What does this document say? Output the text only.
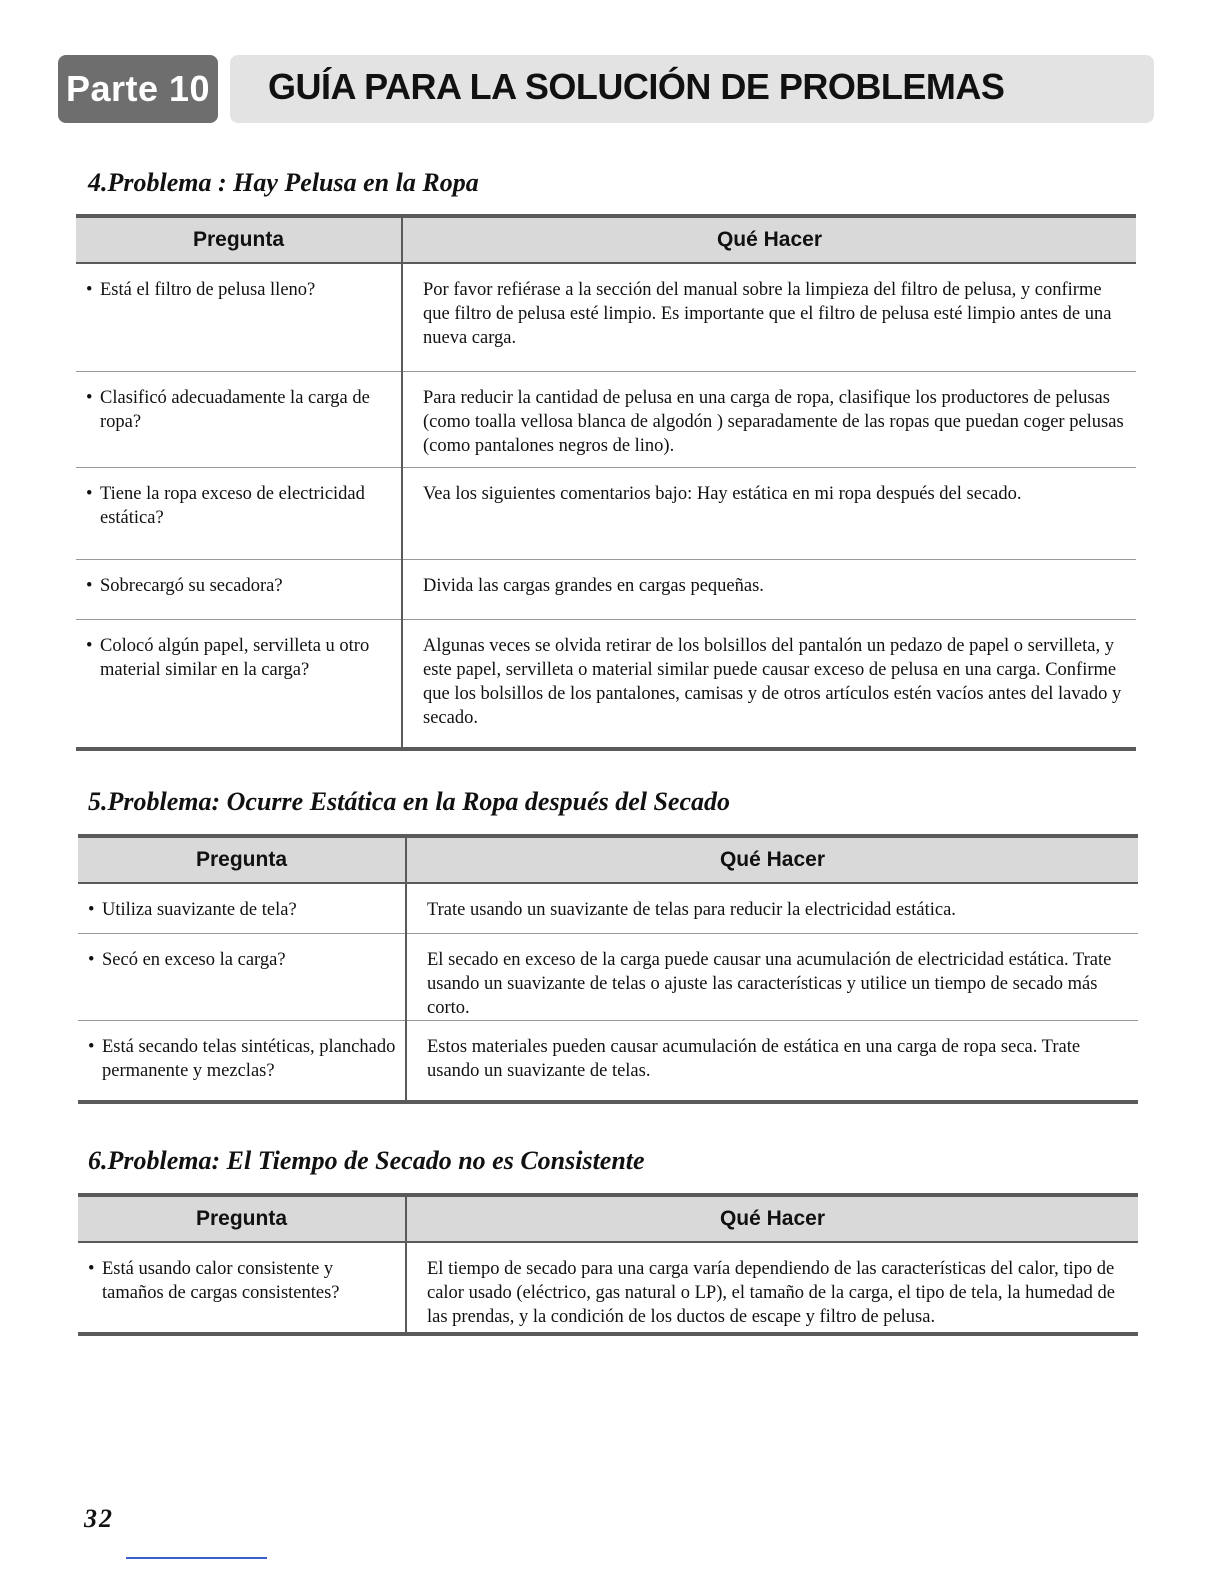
Parte 10 GUÍA PARA LA SOLUCIÓN DE PROBLEMAS
4.Problema : Hay Pelusa en la Ropa
Pregunta	Qué Hacer

• Está el filtro de pelusa lleno?	Por favor refiérase a la sección del manual sobre la limpieza del filtro de pelusa, y confirme que filtro de pelusa esté limpio. Es importante que el filtro de pelusa esté limpio antes de una nueva carga.

• Clasificó adecuadamente la carga de ropa?	Para reducir la cantidad de pelusa en una carga de ropa, clasifique los productores de pelusas (como toalla vellosa blanca de algodón ) separadamente de las ropas que puedan coger pelusas (como pantalones negros de lino).

• Tiene la ropa exceso de electricidad estática?	Vea los siguientes comentarios bajo: Hay estática en mi ropa después del secado.

• Sobrecargó su secadora?	Divida las cargas grandes en cargas pequeñas.

• Colocó algún papel, servilleta u otro material similar en la carga?	Algunas veces se olvida retirar de los bolsillos del pantalón un pedazo de papel o servilleta, y este papel, servilleta o material similar puede causar exceso de pelusa en una carga. Confirme que los bolsillos de los pantalones, camisas y de otros artículos estén vacíos antes del lavado y secado.
5.Problema: Ocurre Estática en la Ropa después del Secado
Pregunta	Qué Hacer

• Utiliza suavizante de tela?	Trate usando un suavizante de telas para reducir la electricidad estática.

• Secó en exceso la carga?	El secado en exceso de la carga puede causar una acumulación de electricidad estática. Trate usando un suavizante de telas o ajuste las características y utilice un tiempo de secado más corto.

• Está secando telas sintéticas, planchado permanente y mezclas?	Estos materiales pueden causar acumulación de estática en una carga de ropa seca. Trate usando un suavizante de telas.
6.Problema: El Tiempo de Secado no es Consistente
Pregunta	Qué Hacer

• Está usando calor consistente y tamaños de cargas consistentes?	El tiempo de secado para una carga varía dependiendo de las características del calor, tipo de calor usado (eléctrico, gas natural o LP), el tamaño de la carga, el tipo de tela, la humedad de las prendas, y la condición de los ductos de escape y filtro de pelusa.
32
